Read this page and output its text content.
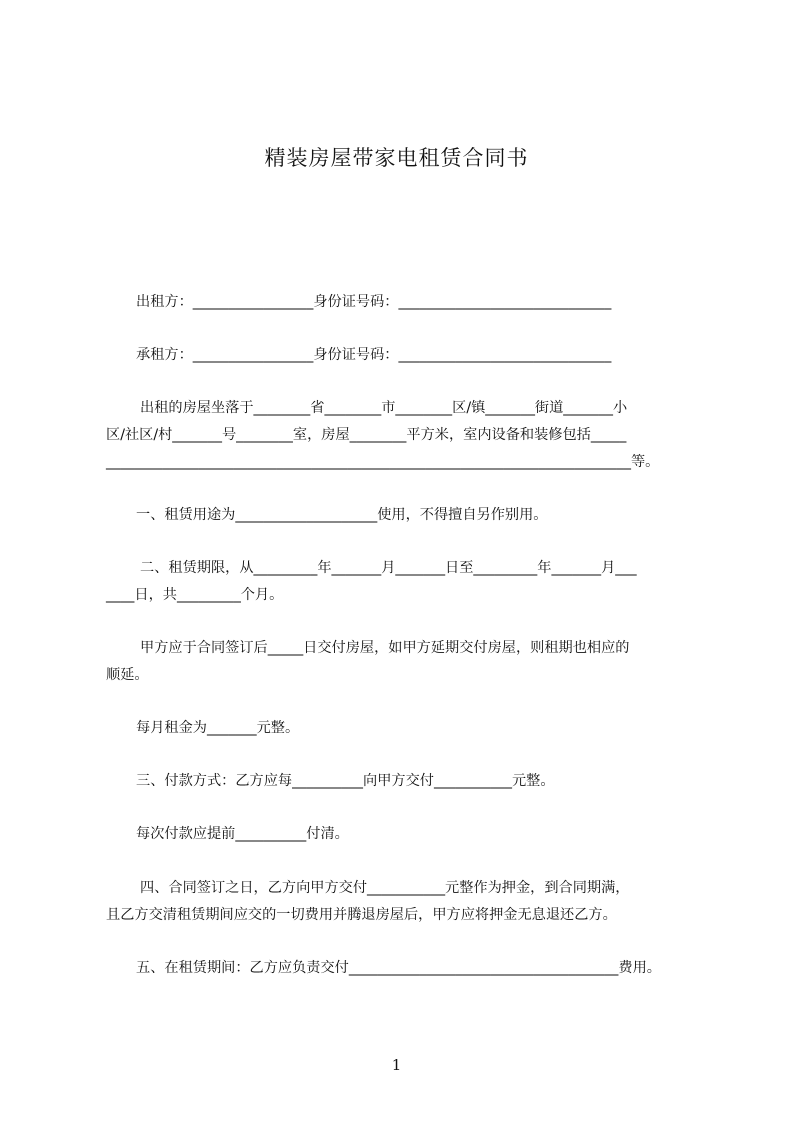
精装房屋带家电租赁合同书
出租方：_________________身份证号码：______________________________
承租方：_________________身份证号码：______________________________
出租的房屋坐落于________省________市________区/镇_______街道_______小
区/社区/村_______号________室，房屋________平方米，室内设备和装修包括_____
__________________________________________________________________________等。
一、租赁用途为____________________使用，不得擅自另作别用。
二、租赁期限，从_________年_______月_______日至_________年_______月___
____日，共_________个月。
甲方应于合同签订后_____日交付房屋，如甲方延期交付房屋，则租期也相应的
顺延。
每月租金为_______元整。
三、付款方式：乙方应每__________向甲方交付___________元整。
每次付款应提前__________付清。
四、合同签订之日，乙方向甲方交付___________元整作为押金，到合同期满，
且乙方交清租赁期间应交的一切费用并腾退房屋后，甲方应将押金无息退还乙方。
五、在租赁期间：乙方应负责交付______________________________________费用。
1
